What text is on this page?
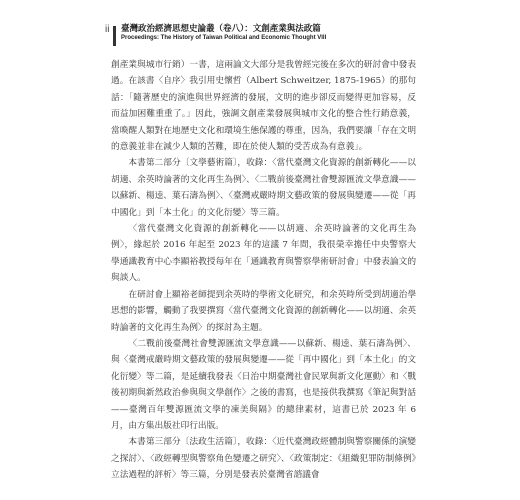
ii 臺灣政治經濟思想史論叢（卷八）：文創產業與法政篇
Proceedings: The History of Taiwan Political and Economic Thought VIII

創產業與城市行銷）一書，這兩論文大部分是我曾經完後在多次的研討會中發表過。在該書〈自序〉我引用史懷哲（Albert Schweitzer, 1875-1965）的那句話：「隨著歷史的演進與世界經濟的發展，文明的進步卻反而變得更加容易，反而益加困難重重了。」因此，強調文創產業發展與城市文化的整合性行銷意義，當喚醒人類對在地歷史文化和環境生態保護的尊重，因為，我們要讓「存在文明的意義並非在減少人類的苦難，即在於使人類的受苦成為有意義」。

本書第二部分〔文學藝術篇〕，收錄：〈當代臺灣文化資源的創新轉化——以胡適、余英時論著的文化再生為例〉、〈二戰前後臺灣社會雙源匯流文學意識——以蘇新、楊逵、葉石濤為例〉、〈臺灣戒嚴時期文藝政策的發展與變遷——從「再中國化」到「本土化」的文化衍變〉等三篇。

〈當代臺灣文化資源的創新轉化——以胡適、余英時論著的文化再生為例〉，緣起於 2016 年起至 2023 年的這議 7 年間，我很榮幸擔任中央警察大學通識教育中心李顯裕教授每年在「通識教育與警察學術研討會」中發表論文的與談人。

在研討會上顯裕老師提到余英時的學術文化研究，和余英時所受到胡適治學思想的影響，觸動了我要撰寫〈當代臺灣文化資源的創新轉化——以胡適、余英時論著的文化再生為例〉的探討為主題。

〈二戰前後臺灣社會雙源匯流文學意識——以蘇新、楊逵、葉石濤為例〉、與〈臺灣戒嚴時期文藝政策的發展與變遷——從「再中國化」到「本土化」的文化衍變〉等二篇，是延續我發表〈日治中期臺灣社會民眾與新文化運動〉和〈戰後初期與新然政治參與與文學創作〉之後的書寫，也是接供我撰寫《筆記與對話——臺灣百年雙源匯流文學的凍美與隔》的總律素材，這書已於 2023 年 6 月，由方集出版社印行出版。

本書第三部分〔法政生活篇〕，收錄：〈近代臺灣政經體制與警察關係的演變之探討〉、〈政經轉型與警察角色變遷之研究〉、〈政策制定：《組織犯罪防制條例》立法過程的評析〉等三篇，分別是發表於臺灣省諮議會
